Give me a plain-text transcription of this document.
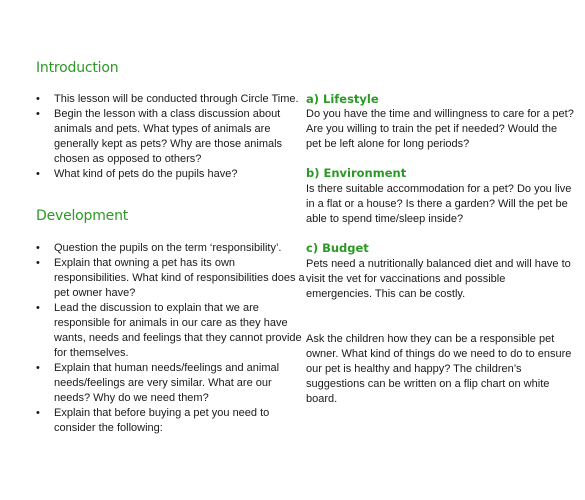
Introduction
• This lesson will be conducted through Circle Time.
• Begin the lesson with a class discussion about animals and pets. What types of animals are generally kept as pets? Why are those animals chosen as opposed to others?
• What kind of pets do the pupils have?
Development
• Question the pupils on the term ‘responsibility’.
• Explain that owning a pet has its own responsibilities. What kind of responsibilities does a pet owner have?
• Lead the discussion to explain that we are responsible for animals in our care as they have wants, needs and feelings that they cannot provide for themselves.
• Explain that human needs/feelings and animal needs/feelings are very similar. What are our needs? Why do we need them?
• Explain that before buying a pet you need to consider the following:
a) Lifestyle

Do you have the time and willingness to care for a pet? Are you willing to train the pet if needed? Would the pet be left alone for long periods?

b) Environment

Is there suitable accommodation for a pet? Do you live in a flat or a house? Is there a garden? Will the pet be able to spend time/sleep inside?

c) Budget

Pets need a nutritionally balanced diet and will have to visit the vet for vaccinations and possible emergencies. This can be costly.

Ask the children how they can be a responsible pet owner. What kind of things do we need to do to ensure our pet is healthy and happy? The children’s suggestions can be written on a flip chart on white board.
